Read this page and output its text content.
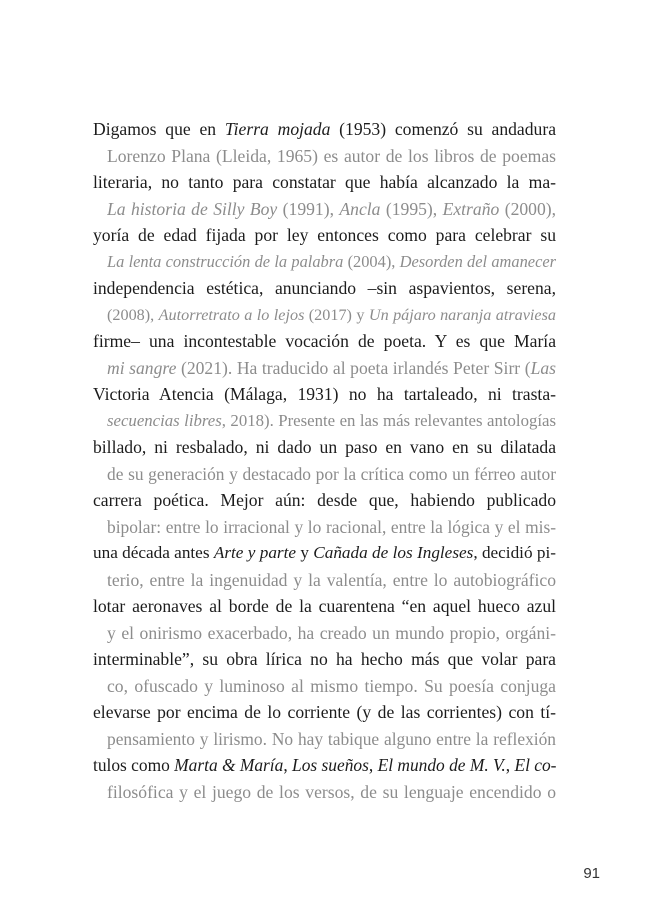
Digamos que en Tierra mojada (1953) comenzó su andadura
Lorenzo Plana (Lleida, 1965) es autor de los libros de poemas
literaria, no tanto para constatar que había alcanzado la ma-
La historia de Silly Boy (1991), Ancla (1995), Extraño (2000),
yoría de edad fijada por ley entonces como para celebrar su
La lenta construcción de la palabra (2004), Desorden del amanecer
independencia estética, anunciando –sin aspavientos, serena,
(2008), Autorretrato a lo lejos (2017) y Un pájaro naranja atraviesa
firme– una incontestable vocación de poeta. Y es que María
mi sangre (2021). Ha traducido al poeta irlandés Peter Sirr (Las
Victoria Atencia (Málaga, 1931) no ha tartaleado, ni trasta-
secuencias libres, 2018). Presente en las más relevantes antologías
billado, ni resbalado, ni dado un paso en vano en su dilatada
de su generación y destacado por la crítica como un férreo autor
carrera poética. Mejor aún: desde que, habiendo publicado
bipolar: entre lo irracional y lo racional, entre la lógica y el mis-
una década antes Arte y parte y Cañada de los Ingleses, decidió pi-
terio, entre la ingenuidad y la valentía, entre lo autobiográfico
lotar aeronaves al borde de la cuarentena “en aquel hueco azul
y el onirismo exacerbado, ha creado un mundo propio, orgáni-
interminable”, su obra lírica no ha hecho más que volar para
co, ofuscado y luminoso al mismo tiempo. Su poesía conjuga
elevarse por encima de lo corriente (y de las corrientes) con tí-
pensamiento y lirismo. No hay tabique alguno entre la reflexión
tulos como Marta & María, Los sueños, El mundo de M. V., El co-
filosófica y el juego de los versos, de su lenguaje encendido o
91
